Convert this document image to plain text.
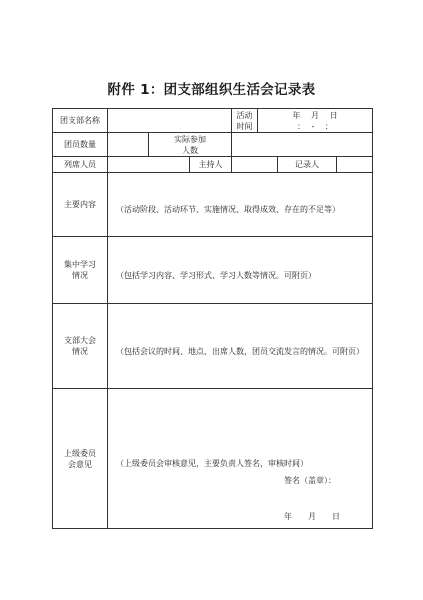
附件 1：团支部组织生活会记录表
团支部名称				活动
时间	年　 月　 日
：　 -　 ：		

团员数量		实际参加
人数					

列席人员			主持人			记录人	
主要内容	（活动阶段、活动环节、实施情况、取得成效、存在的不足等）						

集中学习
情况	（包括学习内容、学习形式、学习人数等情况。可附页）						

支部大会
情况	（包括会议的时间、地点、出席人数，团员交流发言的情况。可附页）						

上级委员
会意见	（上级委员会审核意见，主要负责人签名，审核时间）
签名（盖章）：
年　　月　　日						
